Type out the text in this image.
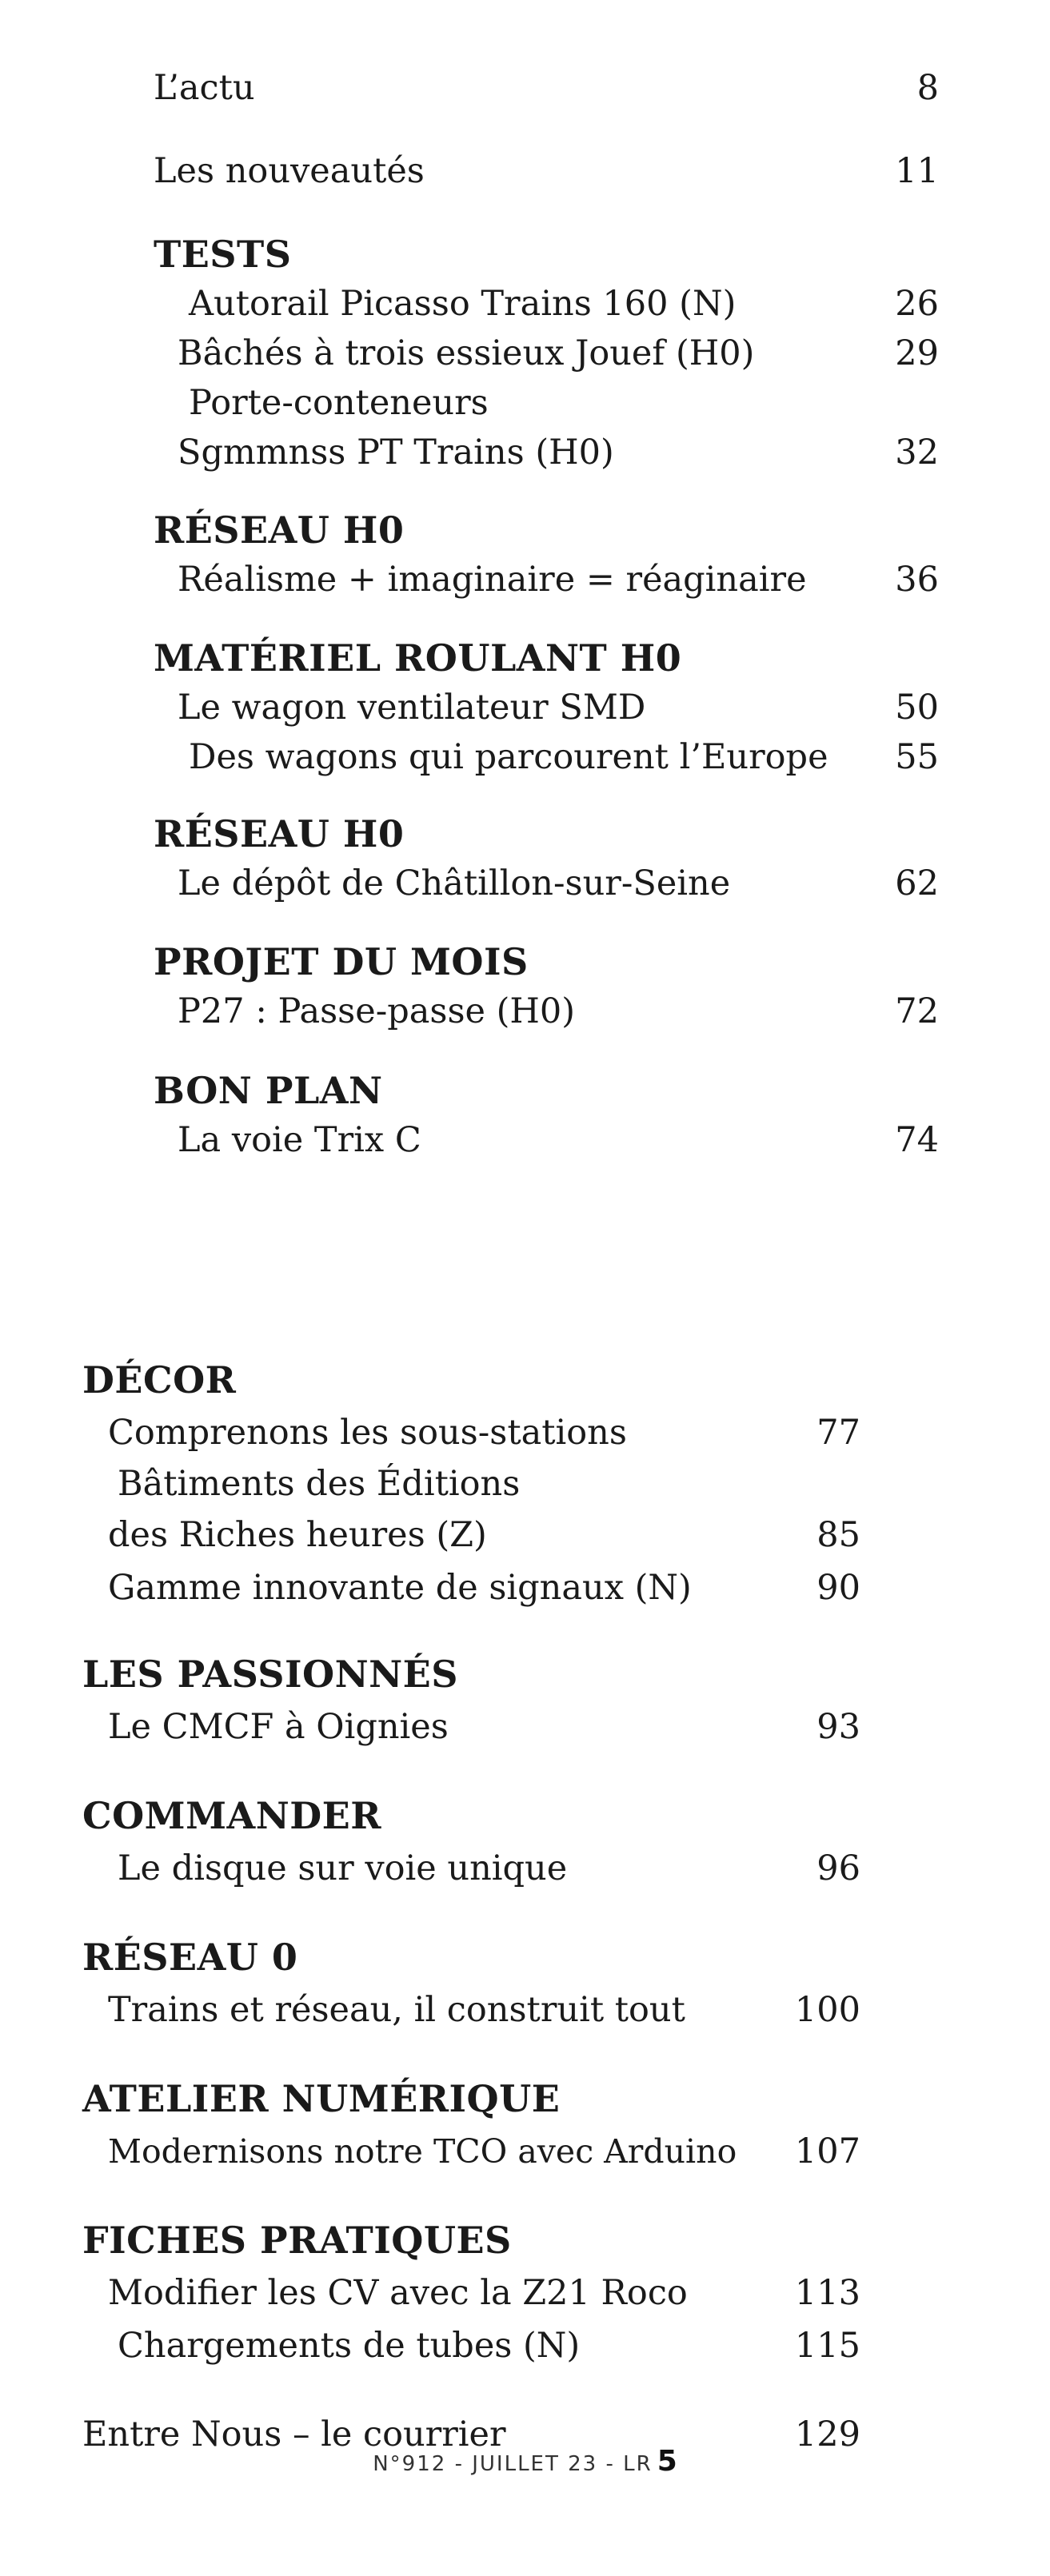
L’actu	8
Les nouveautés	11
TESTS
Autorail Picasso Trains 160 (N)	26
Bâchés à trois essieux Jouef (H0)	29
Porte-conteneurs
Sgmmnss PT Trains (H0)	32
RÉSEAU H0
Réalisme + imaginaire = réaginaire	36
MATÉRIEL ROULANT H0
Le wagon ventilateur SMD	50
Des wagons qui parcourent l’Europe	55
RÉSEAU H0
Le dépôt de Châtillon-sur-Seine	62
PROJET DU MOIS
P27 : Passe-passe (H0)	72
BON PLAN
La voie Trix C	74
DÉCOR
Comprenons les sous-stations	77
Bâtiments des Éditions
des Riches heures (Z)	85
Gamme innovante de signaux (N)	90
LES PASSIONNÉS
Le CMCF à Oignies	93
COMMANDER
Le disque sur voie unique	96
RÉSEAU 0
Trains et réseau, il construit tout	100
ATELIER NUMÉRIQUE
Modernisons notre TCO avec Arduino	107
FICHES PRATIQUES
Modifier les CV avec la Z21 Roco	113
Chargements de tubes (N)	115
Entre Nous – le courrier	129
N°912 - JUILLET 23 - LR 5
